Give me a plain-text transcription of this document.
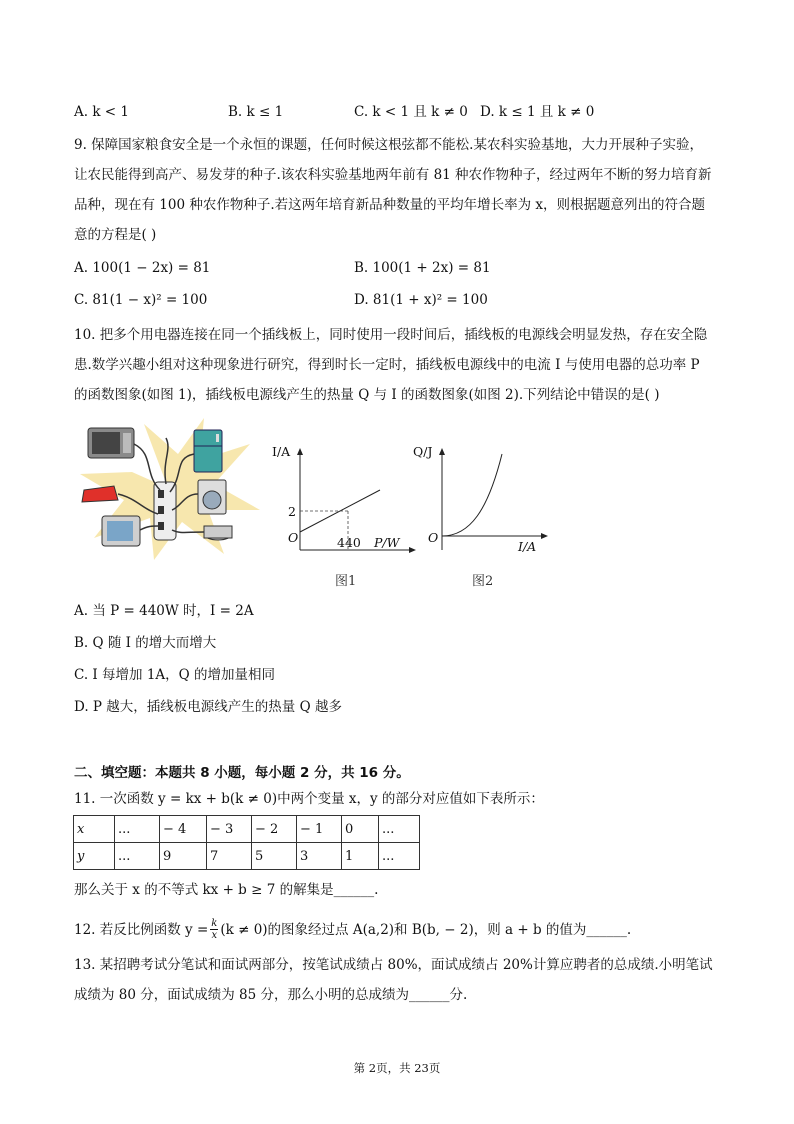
A. k < 1	B. k ≤ 1	C. k < 1 且 k ≠ 0 D. k ≤ 1 且 k ≠ 0
9. 保障国家粮食安全是一个永恒的课题，任何时候这根弦都不能松.某农科实验基地，大力开展种子实验，
让农民能得到高产、易发芽的种子.该农科实验基地两年前有 81 种农作物种子，经过两年不断的努力培育新
品种，现在有 100 种农作物种子.若这两年培育新品种数量的平均年增长率为 x，则根据题意列出的符合题
意的方程是( )
A. 100(1 − 2x) = 81	B. 100(1 + 2x) = 81
C. 81(1 − x)² = 100	D. 81(1 + x)² = 100
10. 把多个用电器连接在同一个插线板上，同时使用一段时间后，插线板的电源线会明显发热，存在安全隐
患.数学兴趣小组对这种现象进行研究，得到时长一定时，插线板电源线中的电流 I 与使用电器的总功率 P
的函数图象(如图 1)，插线板电源线产生的热量 Q 与 I 的函数图象(如图 2).下列结论中错误的是( )
I/A
2
O	440 P/W
图1
Q/J
O
I/A
图2
A. 当 P = 440W 时，I = 2A
B. Q 随 I 的增大而增大
C. I 每增加 1A，Q 的增加量相同
D. P 越大，插线板电源线产生的热量 Q 越多
二、填空题：本题共 8 小题，每小题 2 分，共 16 分。
11. 一次函数 y = kx + b(k ≠ 0)中两个变量 x，y 的部分对应值如下表所示：
x	...	− 4	− 3	− 2	− 1	0	...
y	...	9	7	5	3	1	...
那么关于 x 的不等式 kx + b ≥ 7 的解集是______.
12. 若反比例函数 $y = \frac{k}{x} (k \ne 0)$的图象经过点 A(a,2)和 B(b, − 2)，则 a + b 的值为______.
13. 某招聘考试分笔试和面试两部分，按笔试成绩占 80%，面试成绩占 20%计算应聘者的总成绩.小明笔试
成绩为 80 分，面试成绩为 85 分，那么小明的总成绩为______分.
第 2页，共 23页
